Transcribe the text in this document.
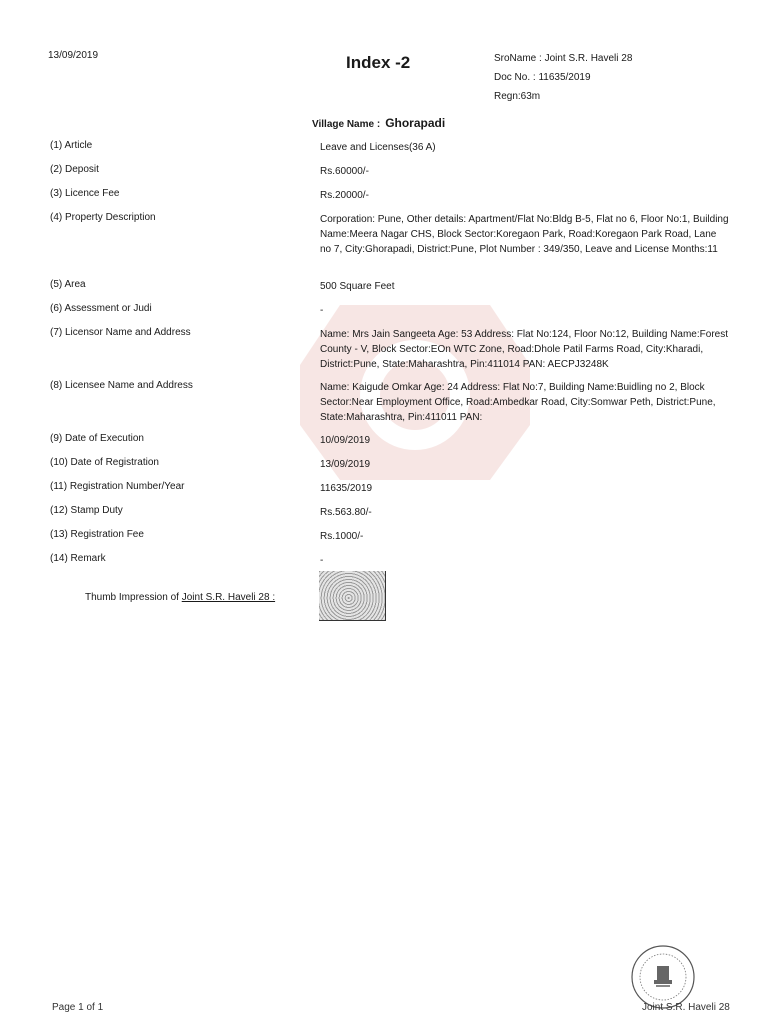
13/09/2019	Index -2	SroName : Joint S.R. Haveli 28
Doc No. : 11635/2019
Regn:63m
Village Name : Ghorapadi
(1) Article	Leave and Licenses(36 A)
(2) Deposit	Rs.60000/-
(3) Licence Fee	Rs.20000/-
(4) Property Description	Corporation: Pune, Other details: Apartment/Flat No:Bldg B-5, Flat no 6, Floor No:1, Building Name:Meera Nagar CHS, Block Sector:Koregaon Park, Road:Koregaon Park Road, Lane no 7, City:Ghorapadi, District:Pune, Plot Number : 349/350, Leave and License Months:11
(5) Area	500 Square Feet
(6) Assessment or Judi	-
(7) Licensor Name and Address	Name: Mrs Jain Sangeeta Age: 53 Address: Flat No:124, Floor No:12, Building Name:Forest County - V, Block Sector:EOn WTC Zone, Road:Dhole Patil Farms Road, City:Kharadi, District:Pune, State:Maharashtra, Pin:411014 PAN: AECPJ3248K
(8) Licensee Name and Address	Name: Kaigude Omkar Age: 24 Address: Flat No:7, Building Name:Buidling no 2, Block Sector:Near Employment Office, Road:Ambedkar Road, City:Somwar Peth, District:Pune, State:Maharashtra, Pin:411011 PAN:
(9) Date of Execution	10/09/2019
(10) Date of Registration	13/09/2019
(11) Registration Number/Year	11635/2019
(12) Stamp Duty	Rs.563.80/-
(13) Registration Fee	Rs.1000/-
(14) Remark	-
Thumb Impression of Joint S.R. Haveli 28 :
Page 1 of 1	Joint S.R. Haveli 28
